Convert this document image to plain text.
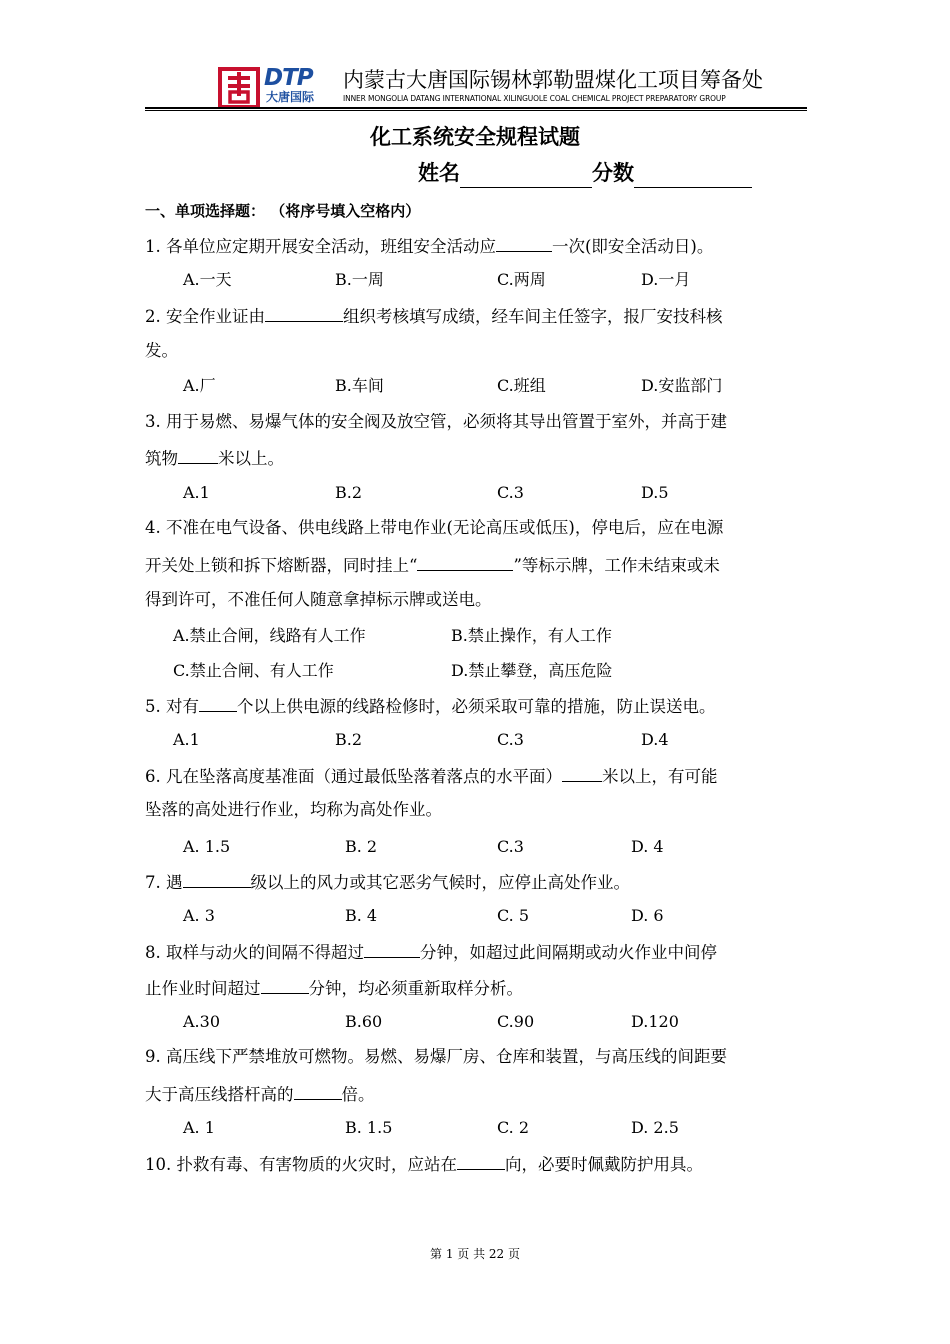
DTP
大唐国际
内蒙古大唐国际锡林郭勒盟煤化工项目筹备处
INNER MONGOLIA DATANG INTERNATIONAL XILINGUOLE COAL CHEMICAL PROJECT PREPARATORY GROUP
化工系统安全规程试题
姓名	分数
一、单项选择题： （将序号填入空格内）
1. 各单位应定期开展安全活动，班组安全活动应	一次(即安全活动日)。
A.一天	B.一周	C.两周	D.一月
2. 安全作业证由	组织考核填写成绩，经车间主任签字，报厂安技科核
发。
A.厂	B.车间	C.班组	D.安监部门
3. 用于易燃、易爆气体的安全阀及放空管，必须将其导出管置于室外，并高于建
筑物 米以上。
A.1	B.2	C.3	D.5
4. 不准在电气设备、供电线路上带电作业(无论高压或低压)，停电后，应在电源
开关处上锁和拆下熔断器，同时挂上“	”等标示牌，工作未结束或未
得到许可，不准任何人随意拿掉标示牌或送电。
A.禁止合闸，线路有人工作	B.禁止操作，有人工作
C.禁止合闸、有人工作	D.禁止攀登，高压危险
5. 对有 个以上供电源的线路检修时，必须采取可靠的措施，防止误送电。
A.1	B.2	C.3	D.4
6. 凡在坠落高度基准面（通过最低坠落着落点的水平面） 米以上，有可能
坠落的高处进行作业，均称为高处作业。
A. 1.5	B. 2	C.3	D. 4
7. 遇	级以上的风力或其它恶劣气候时，应停止高处作业。
A. 3	B. 4	C. 5	D. 6
8. 取样与动火的间隔不得超过	分钟，如超过此间隔期或动火作业中间停
止作业时间超过	分钟，均必须重新取样分析。
A.30	B.60	C.90	D.120
9. 高压线下严禁堆放可燃物。易燃、易爆厂房、仓库和装置，与高压线的间距要
大于高压线搭杆高的	倍。
A. 1	B. 1.5	C. 2	D. 2.5
10. 扑救有毒、有害物质的火灾时，应站在	向，必要时佩戴防护用具。
第 1 页 共 22 页
